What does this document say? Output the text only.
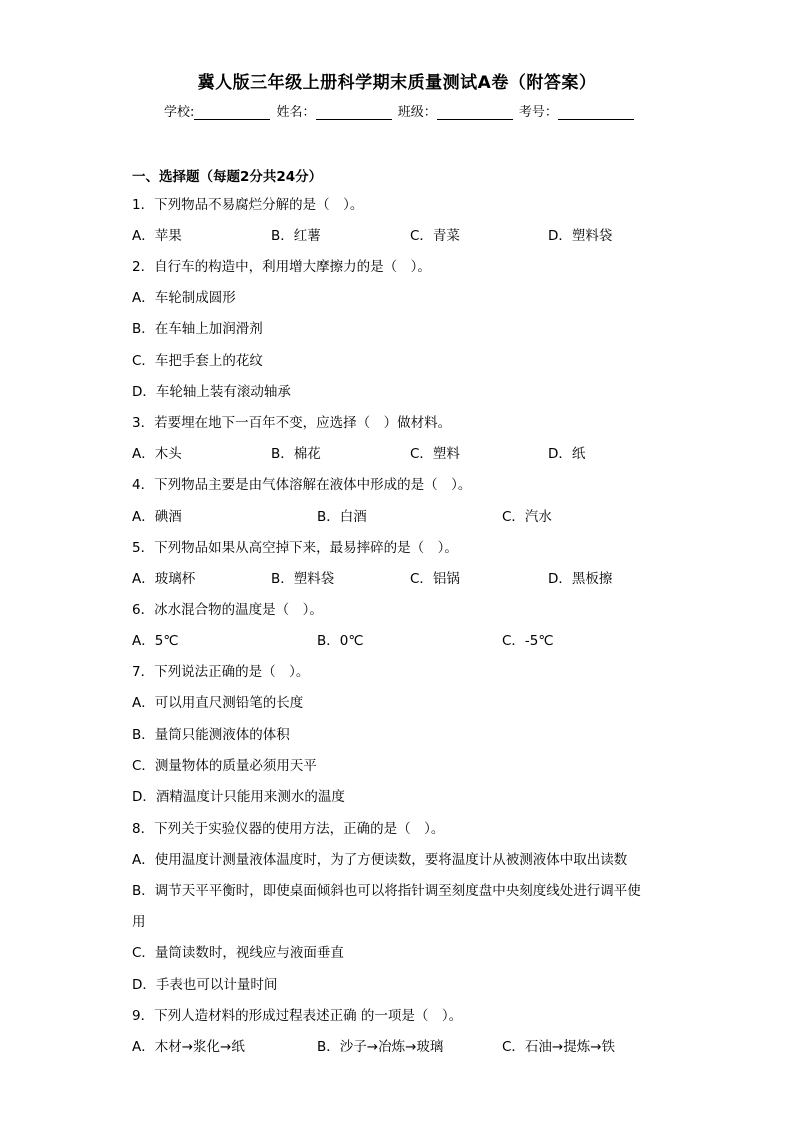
冀人版三年级上册科学期末质量测试A卷（附答案）
学校:	姓名：	班级：	考号：
一、选择题（每题2分共24分）
1．下列物品不易腐烂分解的是（　）。
A．苹果	B．红薯	C．青菜	D．塑料袋
2．自行车的构造中，利用增大摩擦力的是（　）。
A．车轮制成圆形
B．在车轴上加润滑剂
C．车把手套上的花纹
D．车轮轴上装有滚动轴承
3．若要埋在地下一百年不变，应选择（　）做材料。
A．木头	B．棉花	C．塑料	D．纸
4．下列物品主要是由气体溶解在液体中形成的是（　）。
A．碘酒	B．白酒	C．汽水
5．下列物品如果从高空掉下来，最易摔碎的是（　）。
A．玻璃杯	B．塑料袋	C．铝锅	D．黑板擦
6．冰水混合物的温度是（　）。
A．5℃	B．0℃	C．-5℃
7．下列说法正确的是（　）。
A．可以用直尺测铅笔的长度
B．量筒只能测液体的体积
C．测量物体的质量必须用天平
D．酒精温度计只能用来测水的温度
8．下列关于实验仪器的使用方法，正确的是（　）。
A．使用温度计测量液体温度时，为了方便读数，要将温度计从被测液体中取出读数
B．调节天平平衡时，即使桌面倾斜也可以将指针调至刻度盘中央刻度线处进行调平使
用
C．量筒读数时，视线应与液面垂直
D．手表也可以计量时间
9．下列人造材料的形成过程表述正确 的一项是（　）。
A．木材→浆化→纸	B．沙子→冶炼→玻璃	C．石油→提炼→铁
